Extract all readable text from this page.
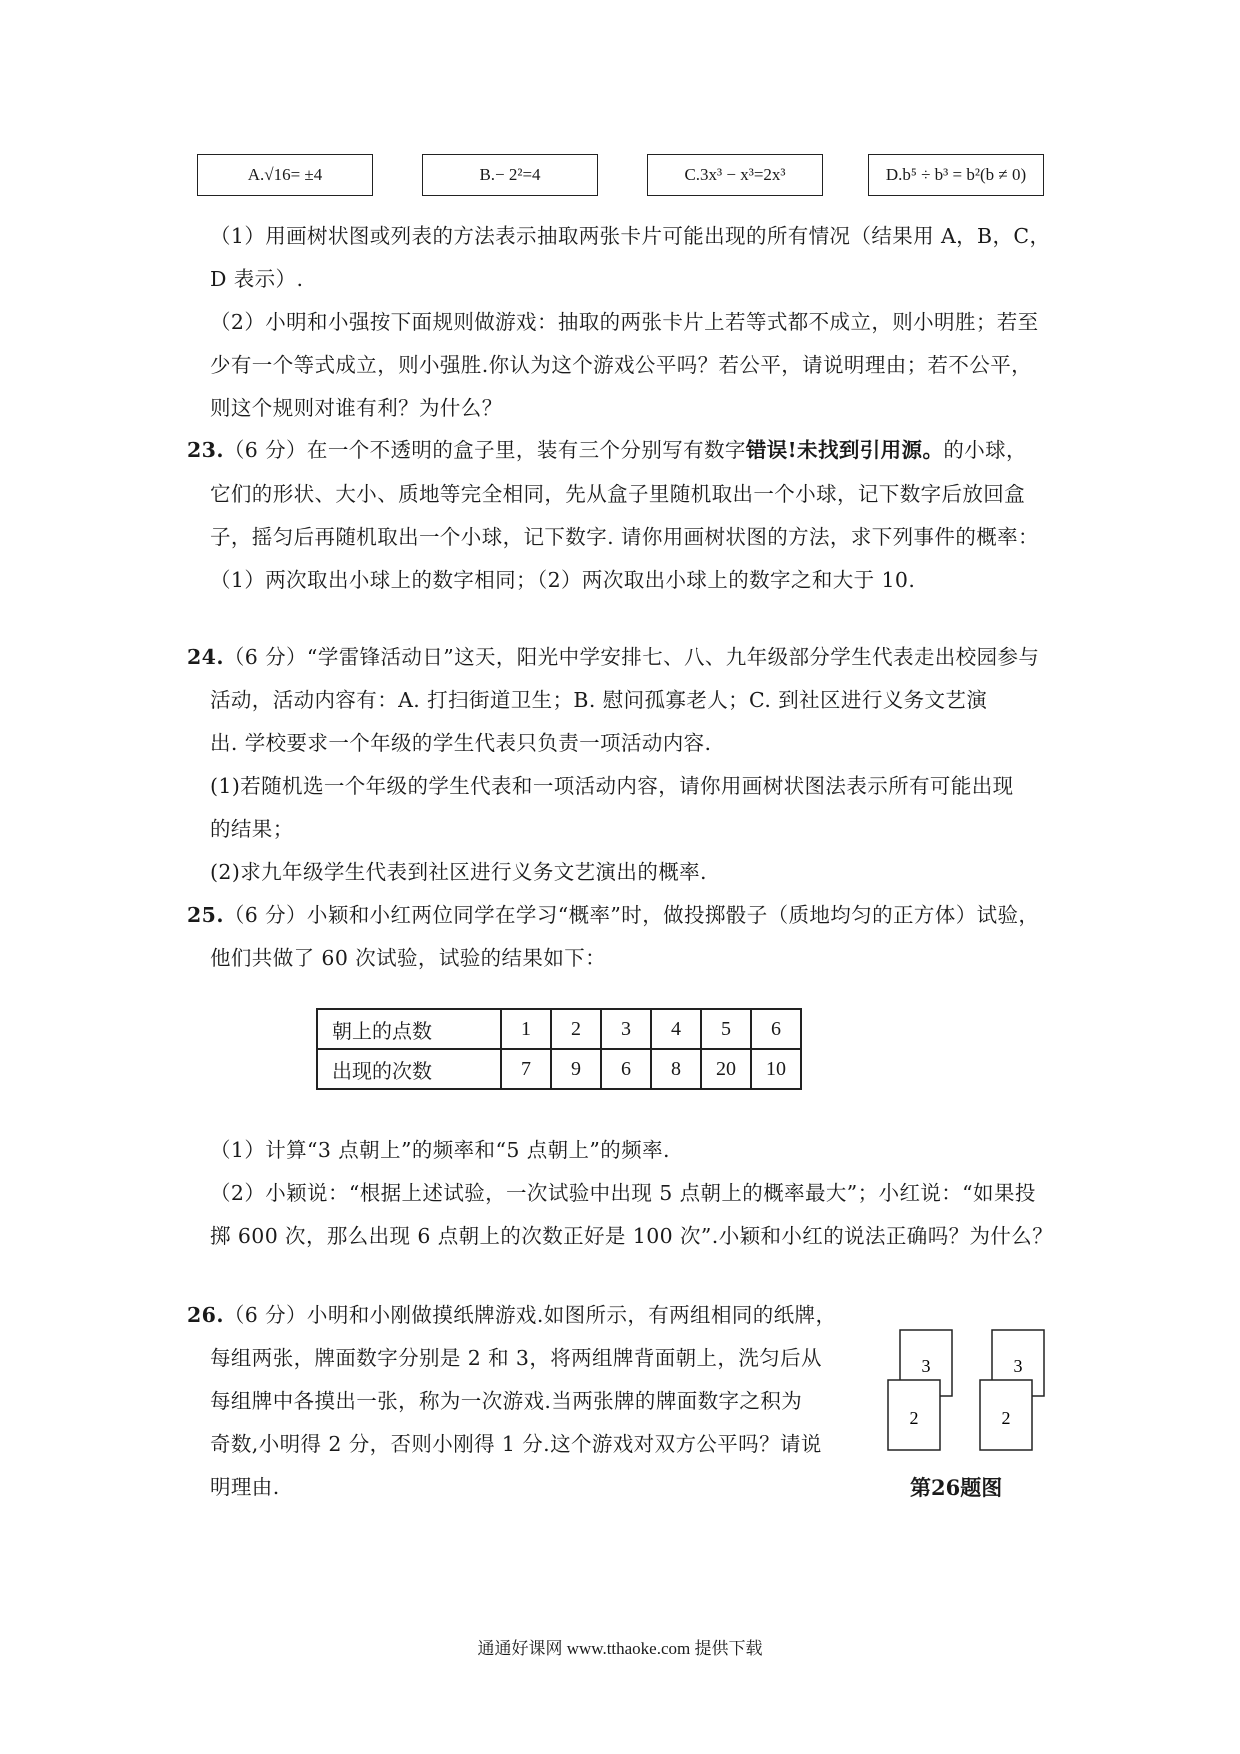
A.√16= ±4	B.− 2²=4	C.3x³ − x³=2x³	D.b⁵ ÷ b³ = b²(b ≠ 0)
（1）用画树状图或列表的方法表示抽取两张卡片可能出现的所有情况（结果用 A，B，C，
D 表示）.
（2）小明和小强按下面规则做游戏：抽取的两张卡片上若等式都不成立，则小明胜；若至
少有一个等式成立，则小强胜.你认为这个游戏公平吗？若公平，请说明理由；若不公平，
则这个规则对谁有利？为什么？
23.（6 分）在一个不透明的盒子里，装有三个分别写有数字错误!未找到引用源。的小球，
它们的形状、大小、质地等完全相同，先从盒子里随机取出一个小球，记下数字后放回盒
子，摇匀后再随机取出一个小球，记下数字. 请你用画树状图的方法，求下列事件的概率：
（1）两次取出小球上的数字相同；（2）两次取出小球上的数字之和大于 10.
24.（6 分）“学雷锋活动日”这天，阳光中学安排七、八、九年级部分学生代表走出校园参与
活动，活动内容有：A. 打扫街道卫生；B. 慰问孤寡老人；C. 到社区进行义务文艺演
出. 学校要求一个年级的学生代表只负责一项活动内容.
(1)若随机选一个年级的学生代表和一项活动内容，请你用画树状图法表示所有可能出现
的结果；
(2)求九年级学生代表到社区进行义务文艺演出的概率.
25.（6 分）小颖和小红两位同学在学习“概率”时，做投掷骰子（质地均匀的正方体）试验，
他们共做了 60 次试验，试验的结果如下：
朝上的点数	1	2	3	4	5	6
出现的次数	7	9	6	8	20	10
（1）计算“3 点朝上”的频率和“5 点朝上”的频率.
（2）小颖说：“根据上述试验，一次试验中出现 5 点朝上的概率最大”；小红说：“如果投
掷 600 次，那么出现 6 点朝上的次数正好是 100 次”.小颖和小红的说法正确吗？为什么？
26.（6 分）小明和小刚做摸纸牌游戏.如图所示，有两组相同的纸牌，
每组两张，牌面数字分别是 2 和 3，将两组牌背面朝上，洗匀后从
每组牌中各摸出一张，称为一次游戏.当两张牌的牌面数字之积为
奇数,小明得 2 分，否则小刚得 1 分.这个游戏对双方公平吗？请说
明理由.
3
2
3
2
第26题图
通通好课网 www.tthaoke.com 提供下载
